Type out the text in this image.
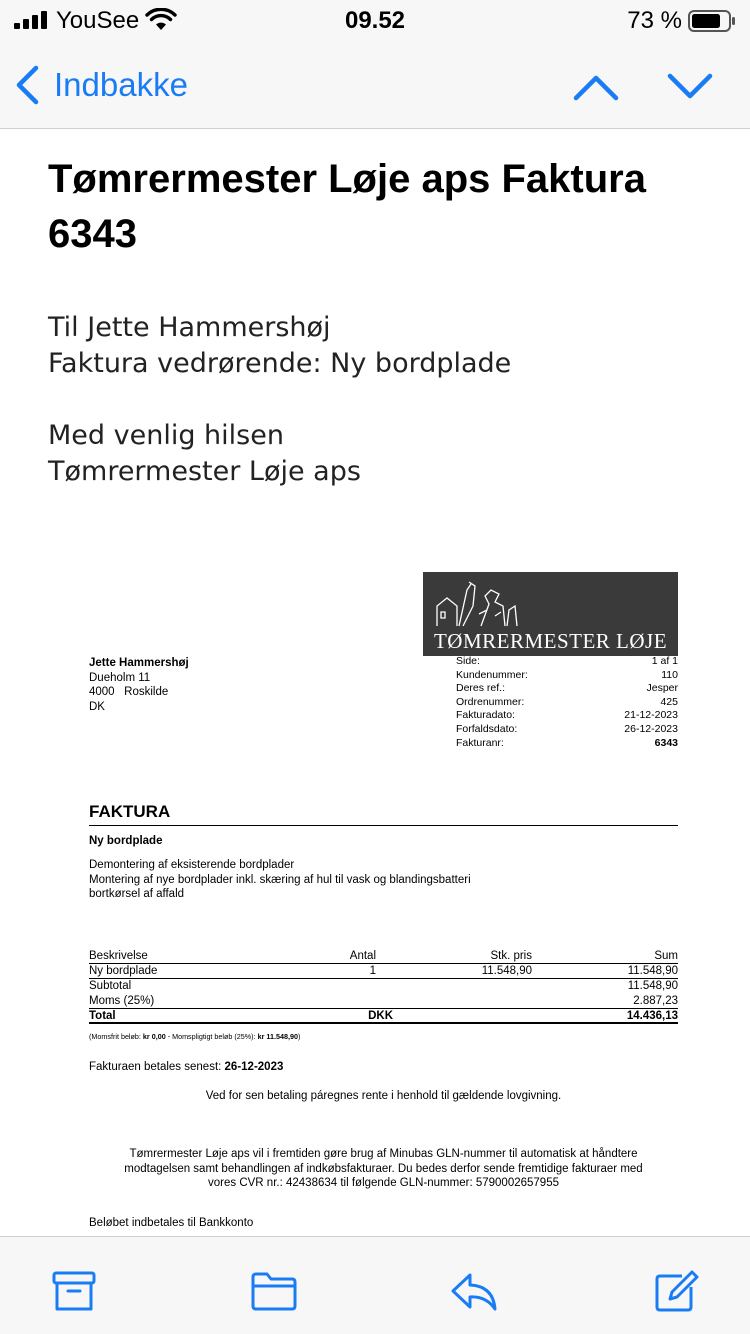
YouSee	09.52	73 %
Indbakke
Tømrermester Løje aps Faktura 6343
Til Jette Hammershøj
Faktura vedrørende: Ny bordplade
Med venlig hilsen
Tømrermester Løje aps
TØMRERMESTER LØJE
Jette Hammershøj
Dueholm 11
4000   Roskilde
DK
Side:	1 af 1
Kundenummer:	110
Deres ref.:	Jesper
Ordrenummer:	425
Fakturadato:	21-12-2023
Forfaldsdato:	26-12-2023
Fakturanr:	6343
FAKTURA
Ny bordplade
Demontering af eksisterende bordplader
Montering af nye bordplader inkl. skæring af hul til vask og blandingsbatteri
bortkørsel af affald
Beskrivelse	Antal	Stk. pris	Sum
Ny bordplade	1	11.548,90	11.548,90
Subtotal	11.548,90
Moms (25%)	2.887,23
Total	DKK	14.436,13
(Momsfrit beløb: kr 0,00 - Momspligtigt beløb (25%): kr 11.548,90)
Fakturaen betales senest: 26-12-2023
Ved for sen betaling páregnes rente i henhold til gældende lovgivning.
Tømrermester Løje aps vil i fremtiden gøre brug af Minubas GLN-nummer til automatisk at håndtere
modtagelsen samt behandlingen af indkøbsfakturaer. Du bedes derfor sende fremtidige fakturaer med
vores CVR nr.: 42438634 til følgende GLN-nummer: 5790002657955
Beløbet indbetales til Bankkonto
